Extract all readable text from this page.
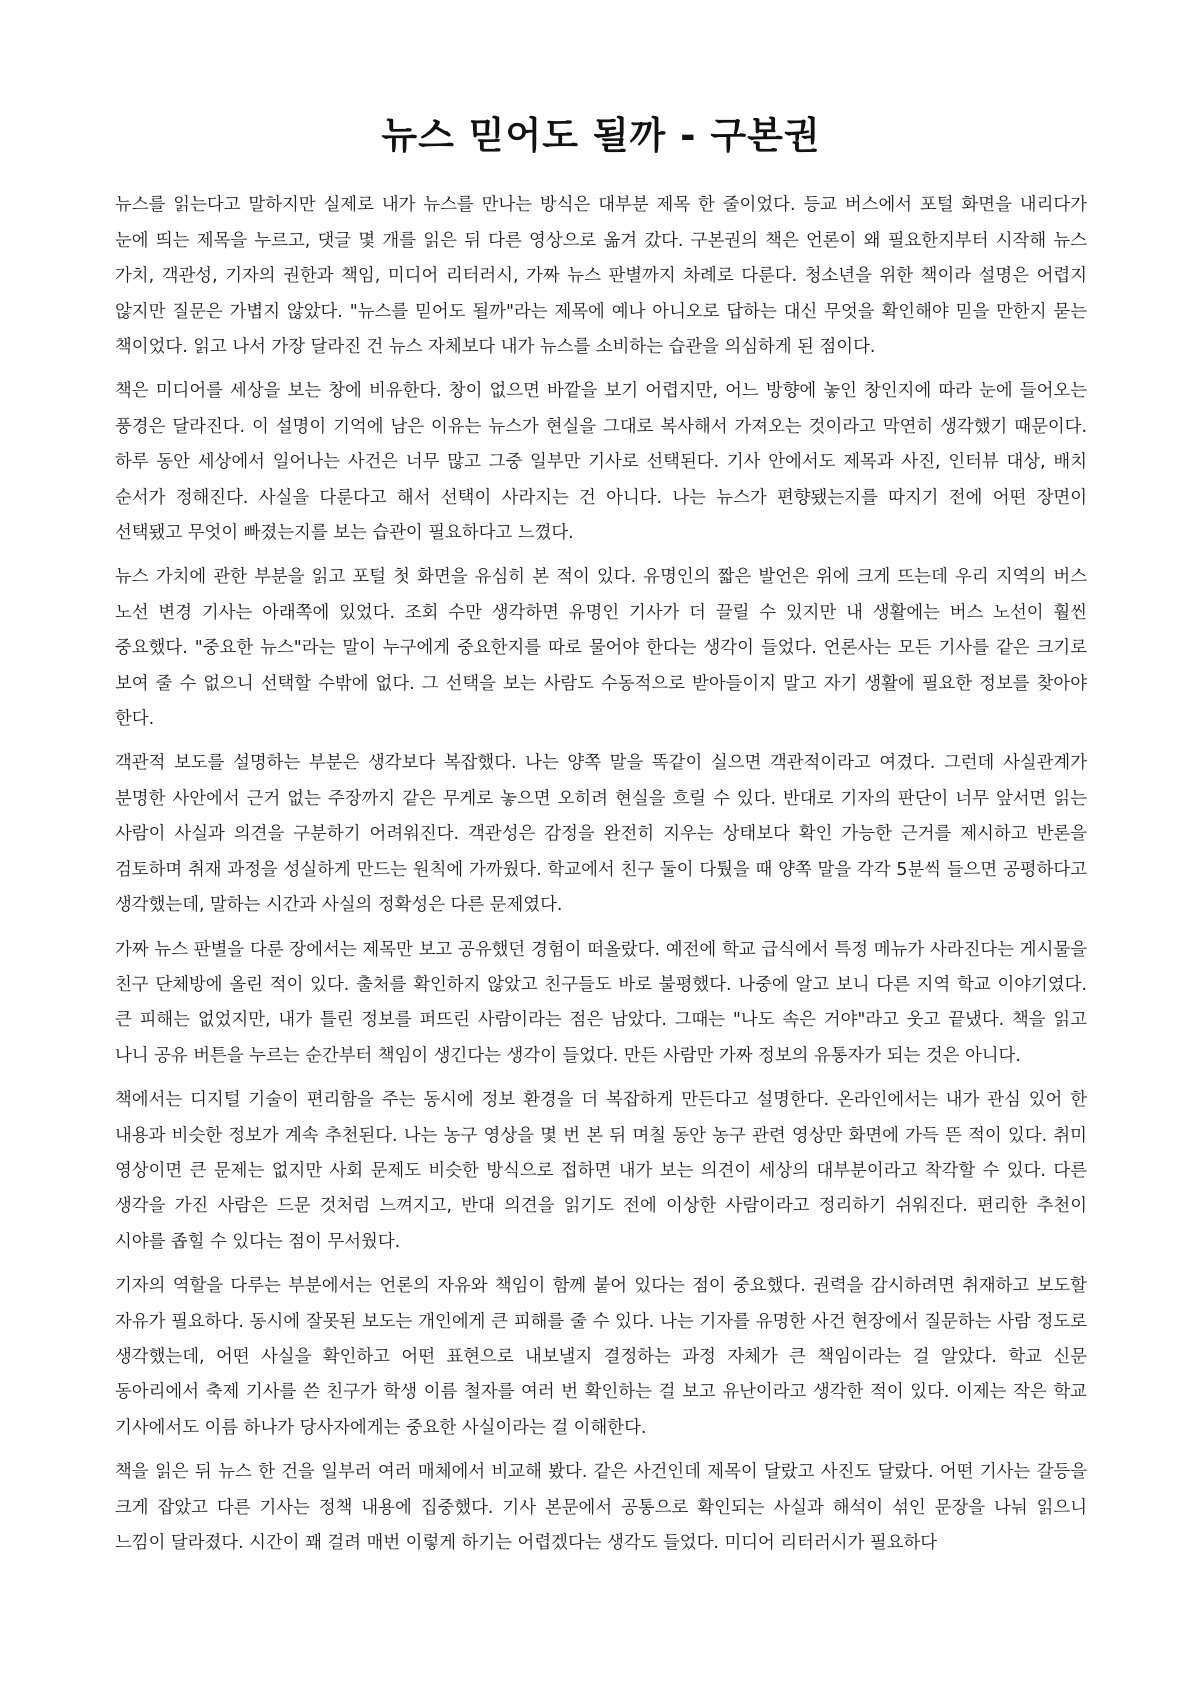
뉴스 믿어도 될까 - 구본권

뉴스를 읽는다고 말하지만 실제로 내가 뉴스를 만나는 방식은 대부분 제목 한 줄이었다. 등교 버스에서 포털 화면을 내리다가 눈에 띄는 제목을 누르고, 댓글 몇 개를 읽은 뒤 다른 영상으로 옮겨 갔다. 구본권의 책은 언론이 왜 필요한지부터 시작해 뉴스 가치, 객관성, 기자의 권한과 책임, 미디어 리터러시, 가짜 뉴스 판별까지 차례로 다룬다. 청소년을 위한 책이라 설명은 어렵지 않지만 질문은 가볍지 않았다. "뉴스를 믿어도 될까"라는 제목에 예나 아니오로 답하는 대신 무엇을 확인해야 믿을 만한지 묻는 책이었다. 읽고 나서 가장 달라진 건 뉴스 자체보다 내가 뉴스를 소비하는 습관을 의심하게 된 점이다.

책은 미디어를 세상을 보는 창에 비유한다. 창이 없으면 바깥을 보기 어렵지만, 어느 방향에 놓인 창인지에 따라 눈에 들어오는 풍경은 달라진다. 이 설명이 기억에 남은 이유는 뉴스가 현실을 그대로 복사해서 가져오는 것이라고 막연히 생각했기 때문이다. 하루 동안 세상에서 일어나는 사건은 너무 많고 그중 일부만 기사로 선택된다. 기사 안에서도 제목과 사진, 인터뷰 대상, 배치 순서가 정해진다. 사실을 다룬다고 해서 선택이 사라지는 건 아니다. 나는 뉴스가 편향됐는지를 따지기 전에 어떤 장면이 선택됐고 무엇이 빠졌는지를 보는 습관이 필요하다고 느꼈다.

뉴스 가치에 관한 부분을 읽고 포털 첫 화면을 유심히 본 적이 있다. 유명인의 짧은 발언은 위에 크게 뜨는데 우리 지역의 버스 노선 변경 기사는 아래쪽에 있었다. 조회 수만 생각하면 유명인 기사가 더 끌릴 수 있지만 내 생활에는 버스 노선이 훨씬 중요했다. "중요한 뉴스"라는 말이 누구에게 중요한지를 따로 물어야 한다는 생각이 들었다. 언론사는 모든 기사를 같은 크기로 보여 줄 수 없으니 선택할 수밖에 없다. 그 선택을 보는 사람도 수동적으로 받아들이지 말고 자기 생활에 필요한 정보를 찾아야 한다.

객관적 보도를 설명하는 부분은 생각보다 복잡했다. 나는 양쪽 말을 똑같이 실으면 객관적이라고 여겼다. 그런데 사실관계가 분명한 사안에서 근거 없는 주장까지 같은 무게로 놓으면 오히려 현실을 흐릴 수 있다. 반대로 기자의 판단이 너무 앞서면 읽는 사람이 사실과 의견을 구분하기 어려워진다. 객관성은 감정을 완전히 지우는 상태보다 확인 가능한 근거를 제시하고 반론을 검토하며 취재 과정을 성실하게 만드는 원칙에 가까웠다. 학교에서 친구 둘이 다퉜을 때 양쪽 말을 각각 5분씩 들으면 공평하다고 생각했는데, 말하는 시간과 사실의 정확성은 다른 문제였다.

가짜 뉴스 판별을 다룬 장에서는 제목만 보고 공유했던 경험이 떠올랐다. 예전에 학교 급식에서 특정 메뉴가 사라진다는 게시물을 친구 단체방에 올린 적이 있다. 출처를 확인하지 않았고 친구들도 바로 불평했다. 나중에 알고 보니 다른 지역 학교 이야기였다. 큰 피해는 없었지만, 내가 틀린 정보를 퍼뜨린 사람이라는 점은 남았다. 그때는 "나도 속은 거야"라고 웃고 끝냈다. 책을 읽고 나니 공유 버튼을 누르는 순간부터 책임이 생긴다는 생각이 들었다. 만든 사람만 가짜 정보의 유통자가 되는 것은 아니다.

책에서는 디지털 기술이 편리함을 주는 동시에 정보 환경을 더 복잡하게 만든다고 설명한다. 온라인에서는 내가 관심 있어 한 내용과 비슷한 정보가 계속 추천된다. 나는 농구 영상을 몇 번 본 뒤 며칠 동안 농구 관련 영상만 화면에 가득 뜬 적이 있다. 취미 영상이면 큰 문제는 없지만 사회 문제도 비슷한 방식으로 접하면 내가 보는 의견이 세상의 대부분이라고 착각할 수 있다. 다른 생각을 가진 사람은 드문 것처럼 느껴지고, 반대 의견을 읽기도 전에 이상한 사람이라고 정리하기 쉬워진다. 편리한 추천이 시야를 좁힐 수 있다는 점이 무서웠다.

기자의 역할을 다루는 부분에서는 언론의 자유와 책임이 함께 붙어 있다는 점이 중요했다. 권력을 감시하려면 취재하고 보도할 자유가 필요하다. 동시에 잘못된 보도는 개인에게 큰 피해를 줄 수 있다. 나는 기자를 유명한 사건 현장에서 질문하는 사람 정도로 생각했는데, 어떤 사실을 확인하고 어떤 표현으로 내보낼지 결정하는 과정 자체가 큰 책임이라는 걸 알았다. 학교 신문 동아리에서 축제 기사를 쓴 친구가 학생 이름 철자를 여러 번 확인하는 걸 보고 유난이라고 생각한 적이 있다. 이제는 작은 학교 기사에서도 이름 하나가 당사자에게는 중요한 사실이라는 걸 이해한다.

책을 읽은 뒤 뉴스 한 건을 일부러 여러 매체에서 비교해 봤다. 같은 사건인데 제목이 달랐고 사진도 달랐다. 어떤 기사는 갈등을 크게 잡았고 다른 기사는 정책 내용에 집중했다. 기사 본문에서 공통으로 확인되는 사실과 해석이 섞인 문장을 나눠 읽으니 느낌이 달라졌다. 시간이 꽤 걸려 매번 이렇게 하기는 어렵겠다는 생각도 들었다. 미디어 리터러시가 필요하다
